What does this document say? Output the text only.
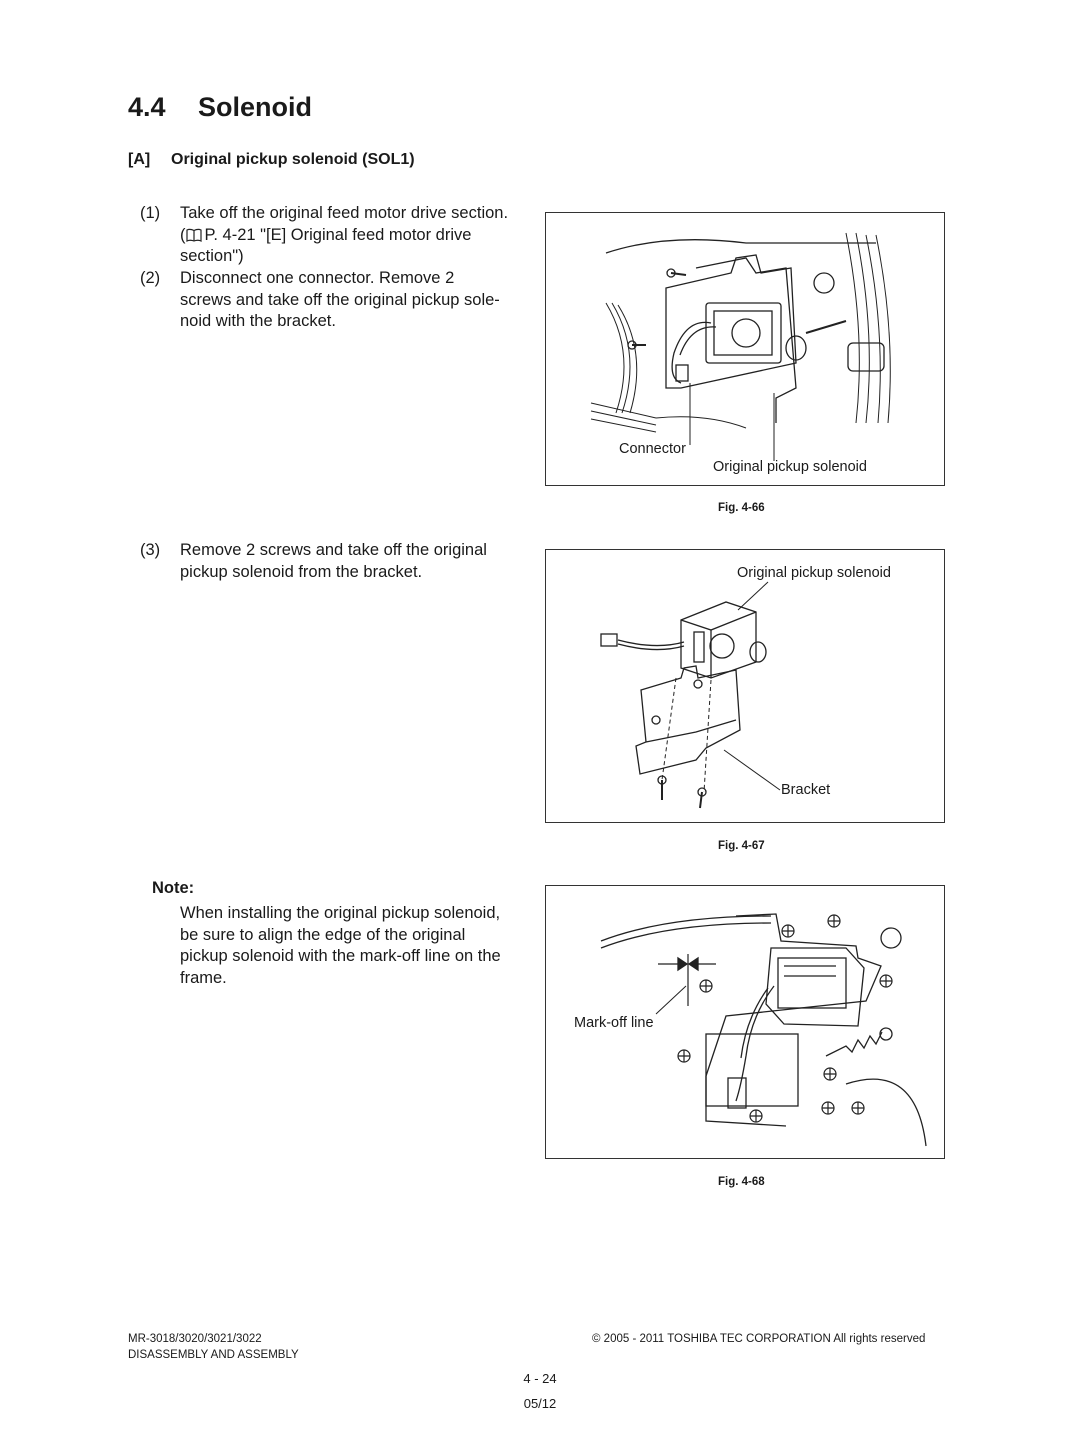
4.4 Solenoid
[A] Original pickup solenoid (SOL1)
(1) Take off the original feed motor drive section.
( P. 4-21 "[E] Original feed motor drive
section")
(2) Disconnect one connector. Remove 2
screws and take off the original pickup sole-
noid with the bracket.
(3) Remove 2 screws and take off the original
pickup solenoid from the bracket.
Note:
When installing the original pickup solenoid,
be sure to align the edge of the original
pickup solenoid with the mark-off line on the
frame.
Connector
Original pickup solenoid
Fig. 4-66
Original pickup solenoid
Bracket
Fig. 4-67
Mark-off line
Fig. 4-68
MR-3018/3020/3021/3022
DISASSEMBLY AND ASSEMBLY
© 2005 - 2011 TOSHIBA TEC CORPORATION All rights reserved
4 - 24
05/12
